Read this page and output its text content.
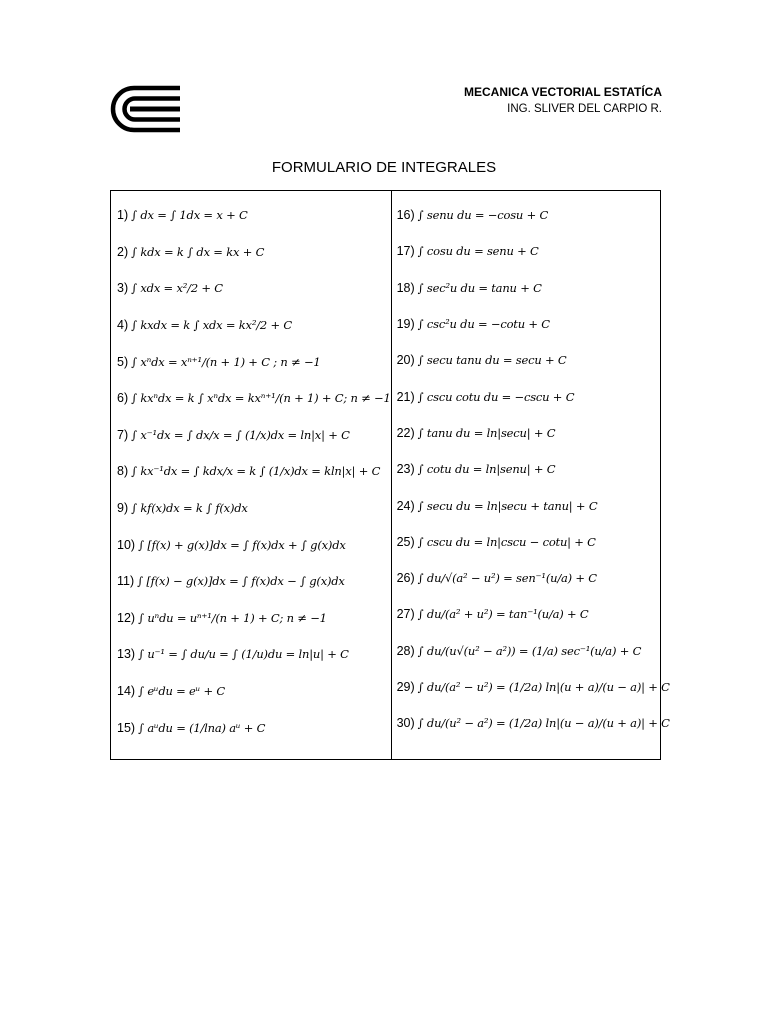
MECANICA VECTORIAL ESTATÍCA
ING. SLIVER DEL CARPIO R.
FORMULARIO DE INTEGRALES
1) ∫ dx = ∫ 1dx = x + C
2) ∫ kdx = k ∫ dx = kx + C
3) ∫ xdx = x²/2 + C
4) ∫ kxdx = k ∫ xdx = kx²/2 + C
5) ∫ xⁿdx = xⁿ⁺¹/(n + 1) + C ; n ≠ −1
6) ∫ kxⁿdx = k ∫ xⁿdx = kxⁿ⁺¹/(n + 1) + C; n ≠ −1
7) ∫ x⁻¹dx = ∫ dx/x = ∫ (1/x)dx = ln|x| + C
8) ∫ kx⁻¹dx = ∫ kdx/x = k ∫ (1/x)dx = kln|x| + C
9) ∫ kf(x)dx = k ∫ f(x)dx
10) ∫ [f(x) + g(x)]dx = ∫ f(x)dx + ∫ g(x)dx
11) ∫ [f(x) − g(x)]dx = ∫ f(x)dx − ∫ g(x)dx
12) ∫ uⁿdu = uⁿ⁺¹/(n + 1) + C; n ≠ −1
13) ∫ u⁻¹ = ∫ du/u = ∫ (1/u)du = ln|u| + C
14) ∫ eᵘdu = eᵘ + C
15) ∫ aᵘdu = (1/lna) aᵘ + C
16) ∫ senu du = −cosu + C
17) ∫ cosu du = senu + C
18) ∫ sec²u du = tanu + C
19) ∫ csc²u du = −cotu + C
20) ∫ secu tanu du = secu + C
21) ∫ cscu cotu du = −cscu + C
22) ∫ tanu du = ln|secu| + C
23) ∫ cotu du = ln|senu| + C
24) ∫ secu du = ln|secu + tanu| + C
25) ∫ cscu du = ln|cscu − cotu| + C
26) ∫ du/√(a² − u²) = sen⁻¹(u/a) + C
27) ∫ du/(a² + u²) = tan⁻¹(u/a) + C
28) ∫ du/(u√(u² − a²)) = (1/a) sec⁻¹(u/a) + C
29) ∫ du/(a² − u²) = (1/2a) ln|(u + a)/(u − a)| + C
30) ∫ du/(u² − a²) = (1/2a) ln|(u − a)/(u + a)| + C
